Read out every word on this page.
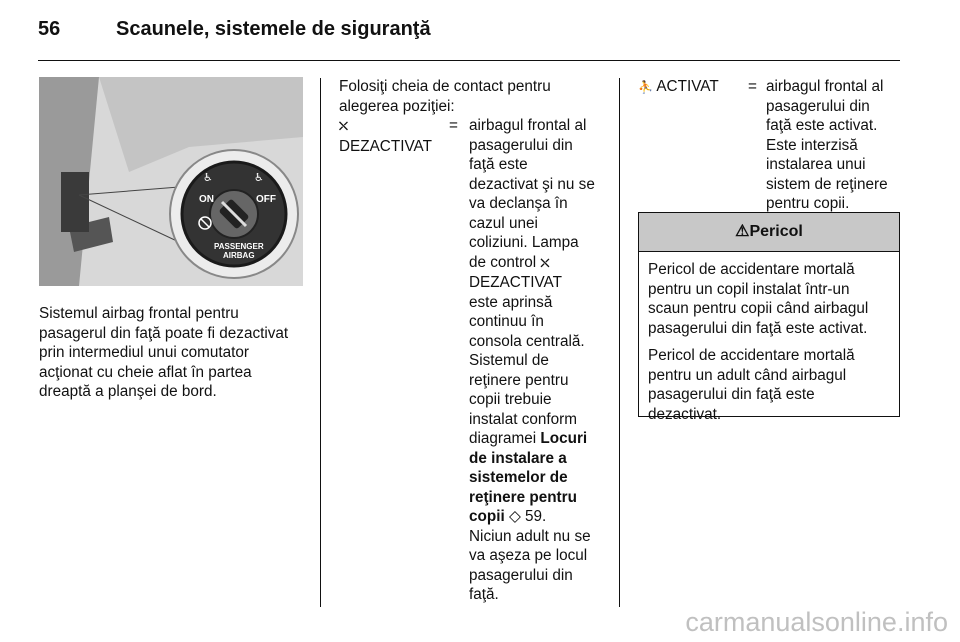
56	Scaunele, sistemele de siguranţă
ON	OFF
PASSENGER
AIRBAG
♿	♿
Sistemul airbag frontal pentru
pasagerul din faţă poate fi dezactivat
prin intermediul unui comutator
acţionat cu cheie aflat în partea
dreaptă a planşei de bord.
Folosiţi cheia de contact pentru
alegerea poziţiei:
⛌
DEZACTIVAT
= airbagul frontal al
pasagerului din
faţă este
dezactivat şi nu se
va declanşa în
cazul unei
coliziuni. Lampa
de control ⛌
DEZACTIVAT
este aprinsă
continuu în
consola centrală.
Sistemul de
reţinere pentru
copii trebuie
instalat conform
diagramei Locuri
de instalare a
sistemelor de
reţinere pentru
copii ◇ 59.
Niciun adult nu se
va aşeza pe locul
pasagerului din
faţă.
⛹ ACTIVAT = airbagul frontal al
pasagerului din
faţă este activat.
Este interzisă
instalarea unui
sistem de reţinere
pentru copii.
⚠Pericol

Pericol de accidentare mortală pentru un copil instalat într-un scaun pentru copii când airbagul pasagerului din faţă este activat.

Pericol de accidentare mortală pentru un adult când airbagul pasagerului din faţă este dezactivat.

carmanualsonline.info
